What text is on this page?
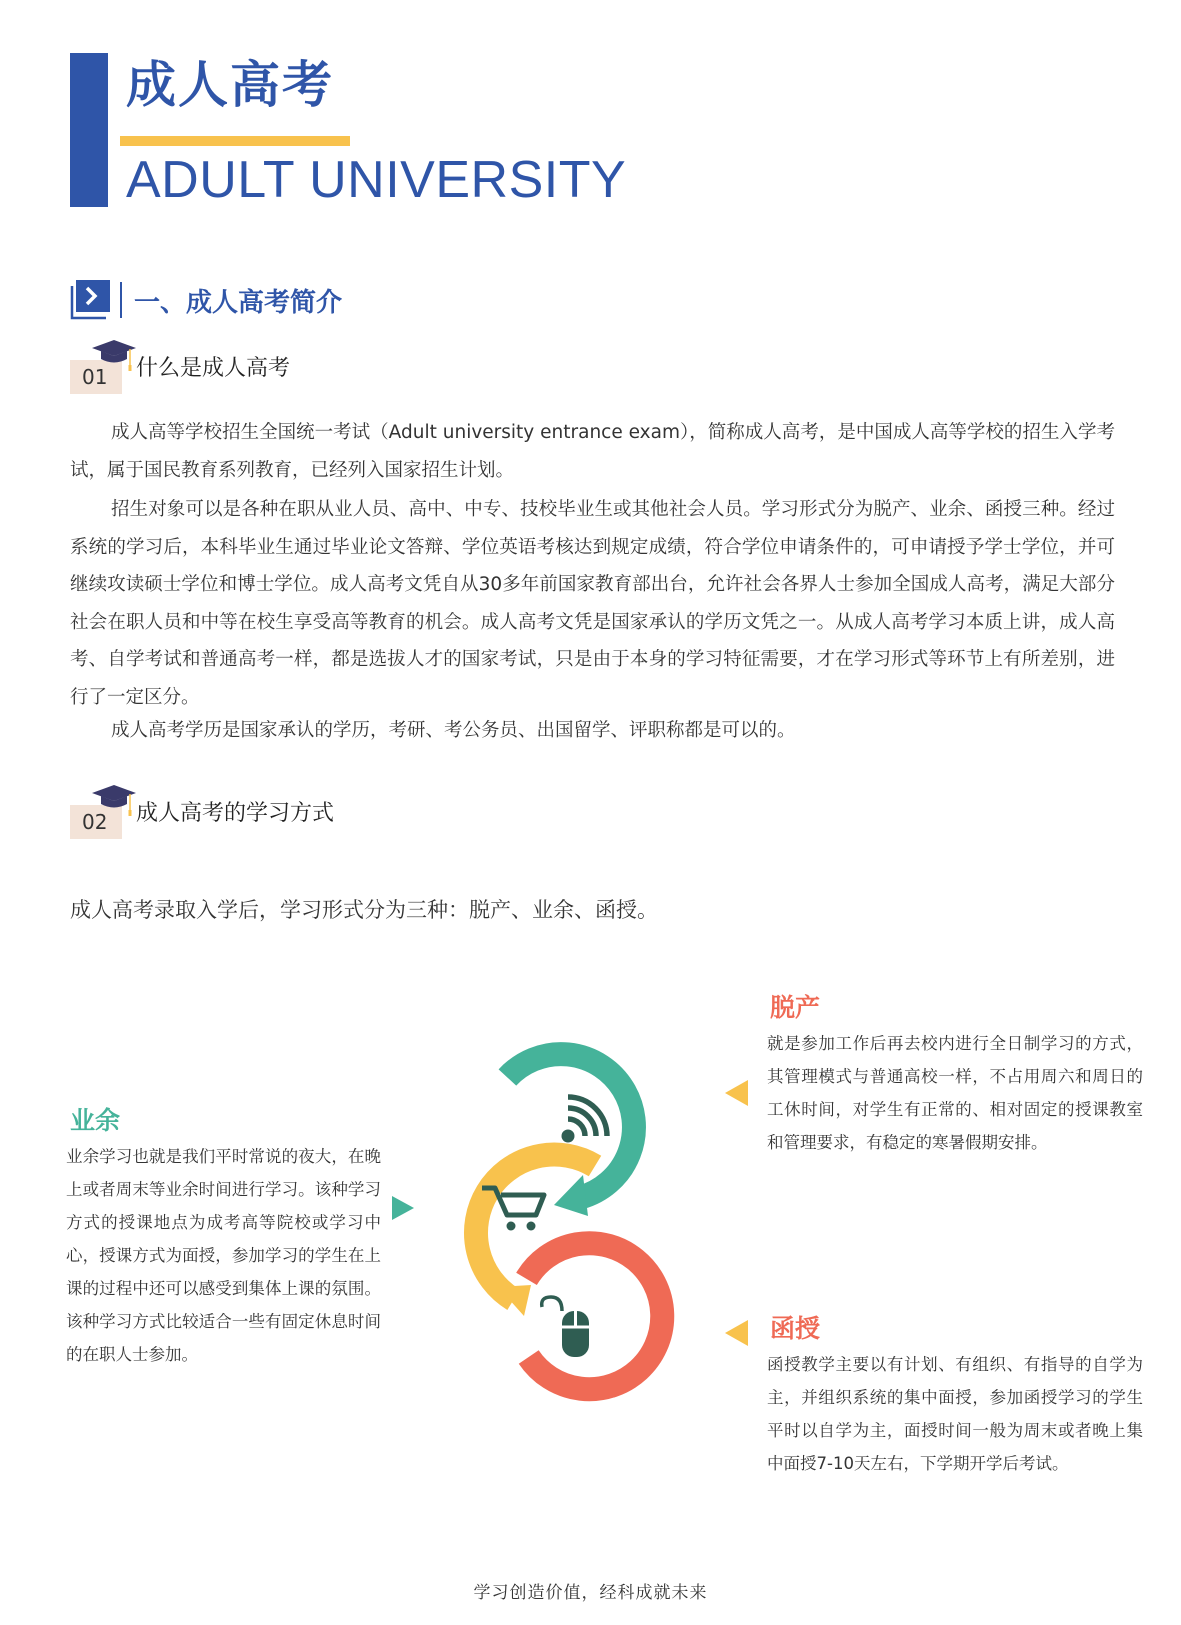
成人高考
ADULT UNIVERSITY
一、成人高考简介
01	什么是成人高考
成人高等学校招生全国统一考试（Adult university entrance exam），简称成人高考，是中国成人高等学校的招生入学考试，属于国民教育系列教育，已经列入国家招生计划。
招生对象可以是各种在职从业人员、高中、中专、技校毕业生或其他社会人员。学习形式分为脱产、业余、函授三种。经过系统的学习后，本科毕业生通过毕业论文答辩、学位英语考核达到规定成绩，符合学位申请条件的，可申请授予学士学位，并可继续攻读硕士学位和博士学位。成人高考文凭自从30多年前国家教育部出台，允许社会各界人士参加全国成人高考，满足大部分社会在职人员和中等在校生享受高等教育的机会。成人高考文凭是国家承认的学历文凭之一。从成人高考学习本质上讲，成人高考、自学考试和普通高考一样，都是选拔人才的国家考试，只是由于本身的学习特征需要，才在学习形式等环节上有所差别，进行了一定区分。
成人高考学历是国家承认的学历，考研、考公务员、出国留学、评职称都是可以的。
02	成人高考的学习方式
成人高考录取入学后，学习形式分为三种：脱产、业余、函授。
业余
业余学习也就是我们平时常说的夜大，在晚上或者周末等业余时间进行学习。该种学习方式的授课地点为成考高等院校或学习中心，授课方式为面授，参加学习的学生在上课的过程中还可以感受到集体上课的氛围。该种学习方式比较适合一些有固定休息时间的在职人士参加。
脱产
就是参加工作后再去校内进行全日制学习的方式，其管理模式与普通高校一样，不占用周六和周日的工休时间，对学生有正常的、相对固定的授课教室和管理要求，有稳定的寒暑假期安排。
函授
函授教学主要以有计划、有组织、有指导的自学为主，并组织系统的集中面授，参加函授学习的学生平时以自学为主，面授时间一般为周末或者晚上集中面授7-10天左右，下学期开学后考试。
学习创造价值，经科成就未来
